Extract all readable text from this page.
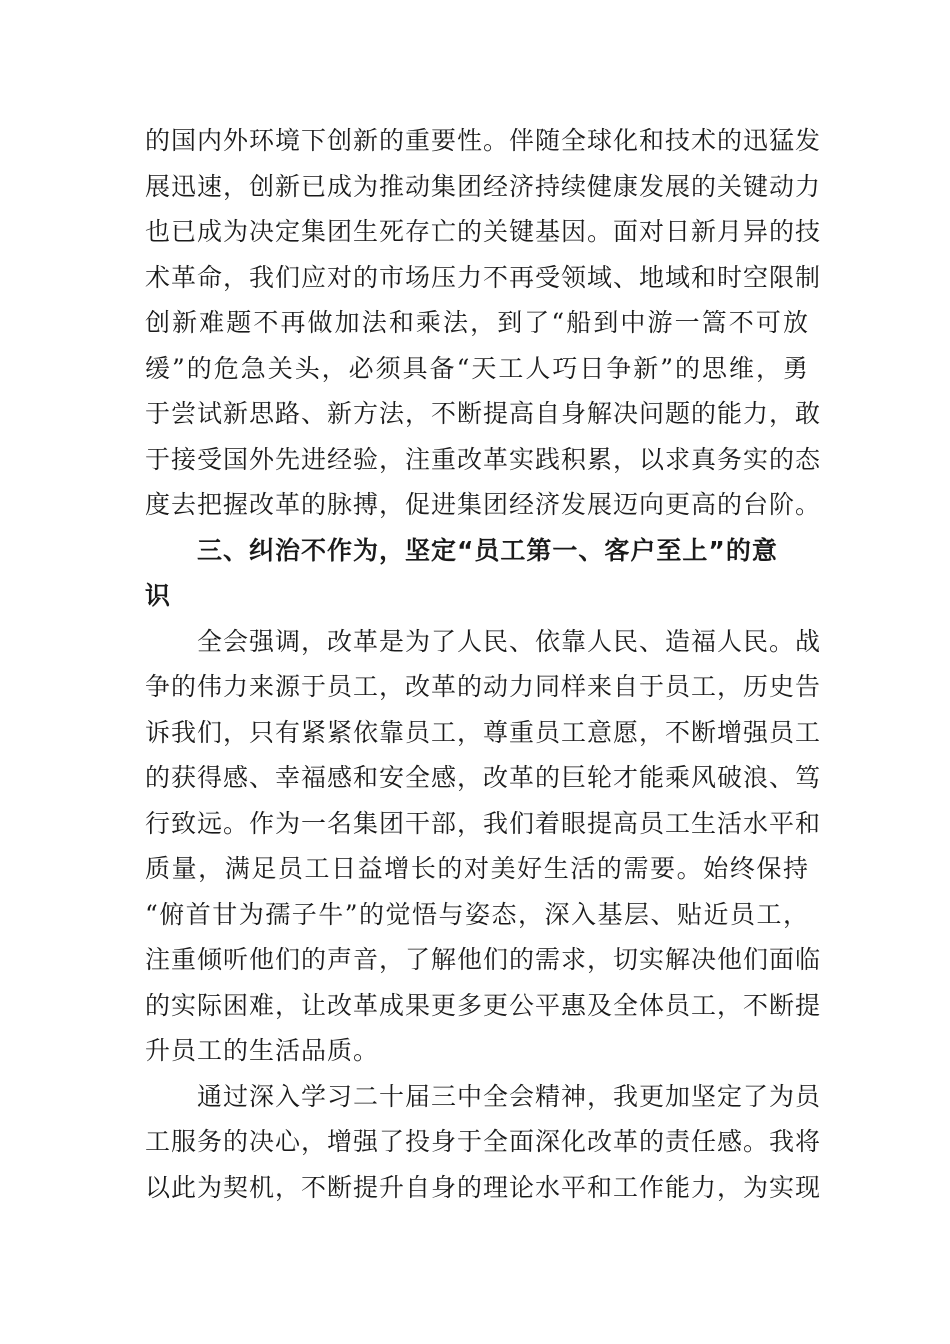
的国内外环境下创新的重要性。伴随全球化和技术的迅猛发
展迅速，创新已成为推动集团经济持续健康发展的关键动力
也已成为决定集团生死存亡的关键基因。面对日新月异的技
术革命，我们应对的市场压力不再受领域、地域和时空限制
创新难题不再做加法和乘法，到了“船到中游一篙不可放
缓”的危急关头，必须具备“天工人巧日争新”的思维，勇
于尝试新思路、新方法，不断提高自身解决问题的能力，敢
于接受国外先进经验，注重改革实践积累，以求真务实的态
度去把握改革的脉搏，促进集团经济发展迈向更高的台阶。
三、纠治不作为，坚定“员工第一、客户至上”的意
识
全会强调，改革是为了人民、依靠人民、造福人民。战
争的伟力来源于员工，改革的动力同样来自于员工，历史告
诉我们，只有紧紧依靠员工，尊重员工意愿，不断增强员工
的获得感、幸福感和安全感，改革的巨轮才能乘风破浪、笃
行致远。作为一名集团干部，我们着眼提高员工生活水平和
质量，满足员工日益增长的对美好生活的需要。始终保持
“俯首甘为孺子牛”的觉悟与姿态，深入基层、贴近员工，
注重倾听他们的声音，了解他们的需求，切实解决他们面临
的实际困难，让改革成果更多更公平惠及全体员工，不断提
升员工的生活品质。
通过深入学习二十届三中全会精神，我更加坚定了为员
工服务的决心，增强了投身于全面深化改革的责任感。我将
以此为契机，不断提升自身的理论水平和工作能力，为实现
